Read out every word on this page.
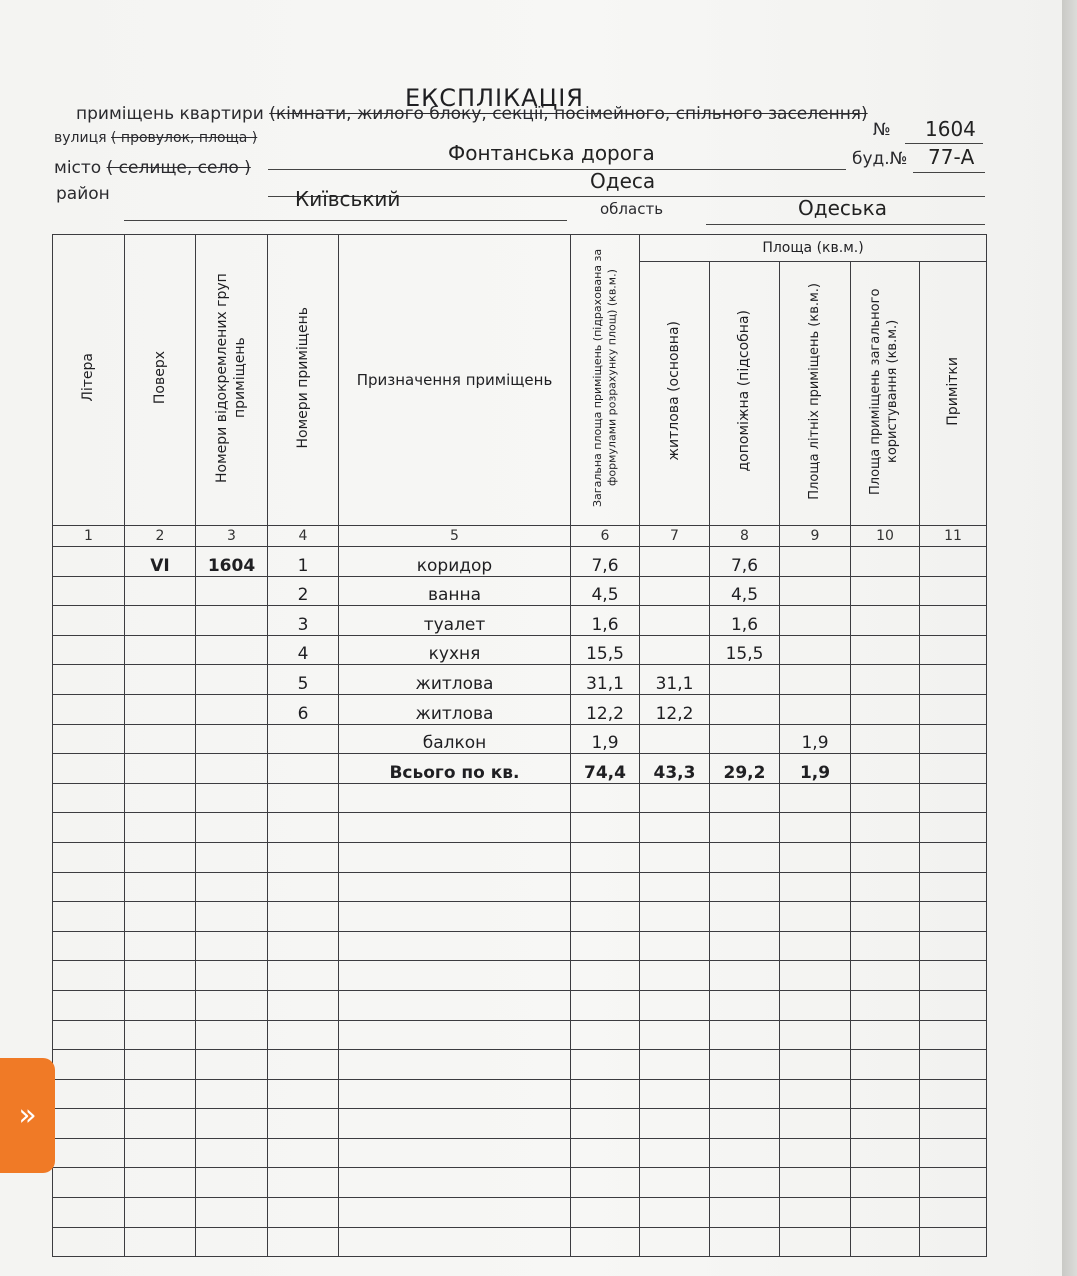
ЕКСПЛІКАЦІЯ
приміщень квартири (кімнати, жилого блоку, секції, посімейного, спільного заселення)
№ 1604
вулиця ( провулок, площа )
Фонтанська дорога	буд.№ 77-А
місто ( селище, село )
Одеса
район	Київський	область	Одеська
Літера	Поверх	Номери відокремлених груп приміщень	Номери приміщень	Призначення приміщень	Загальна площа приміщень (підрахована за формулами розрахунку площ) (кв.м.)	Площа (кв.м.)				
						житлова (основна)	допоміжна (підсобна)	Площа літніх приміщень (кв.м.)	Площа приміщень загального користування (кв.м.)	Примітки
1	2	3	4	5	6	7	8	9	10	11
	VI	1604	1	коридор	7,6		7,6			
			2	ванна	4,5		4,5			
			3	туалет	1,6		1,6			
			4	кухня	15,5		15,5			
			5	житлова	31,1	31,1				
			6	житлова	12,2	12,2				
				балкон	1,9			1,9		
				Всього по кв.	74,4	43,3	29,2	1,9		

»
